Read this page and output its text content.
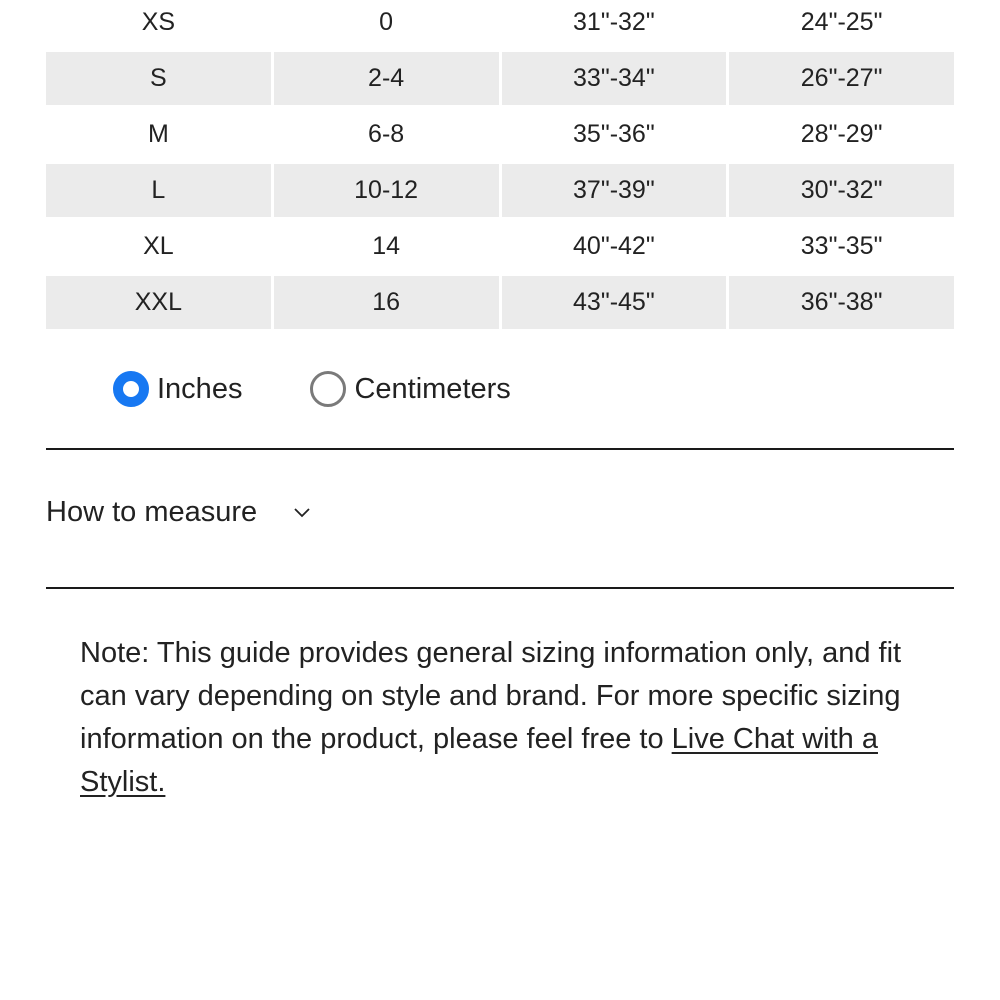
XS	0	31"-32"	24"-25"
S	2-4	33"-34"	26"-27"
M	6-8	35"-36"	28"-29"
L	10-12	37"-39"	30"-32"
XL	14	40"-42"	33"-35"
XXL	16	43"-45"	36"-38"
Inches	Centimeters
How to measure
Note: This guide provides general sizing information only, and fit can vary depending on style and brand. For more specific sizing information on the product, please feel free to Live Chat with a Stylist.
